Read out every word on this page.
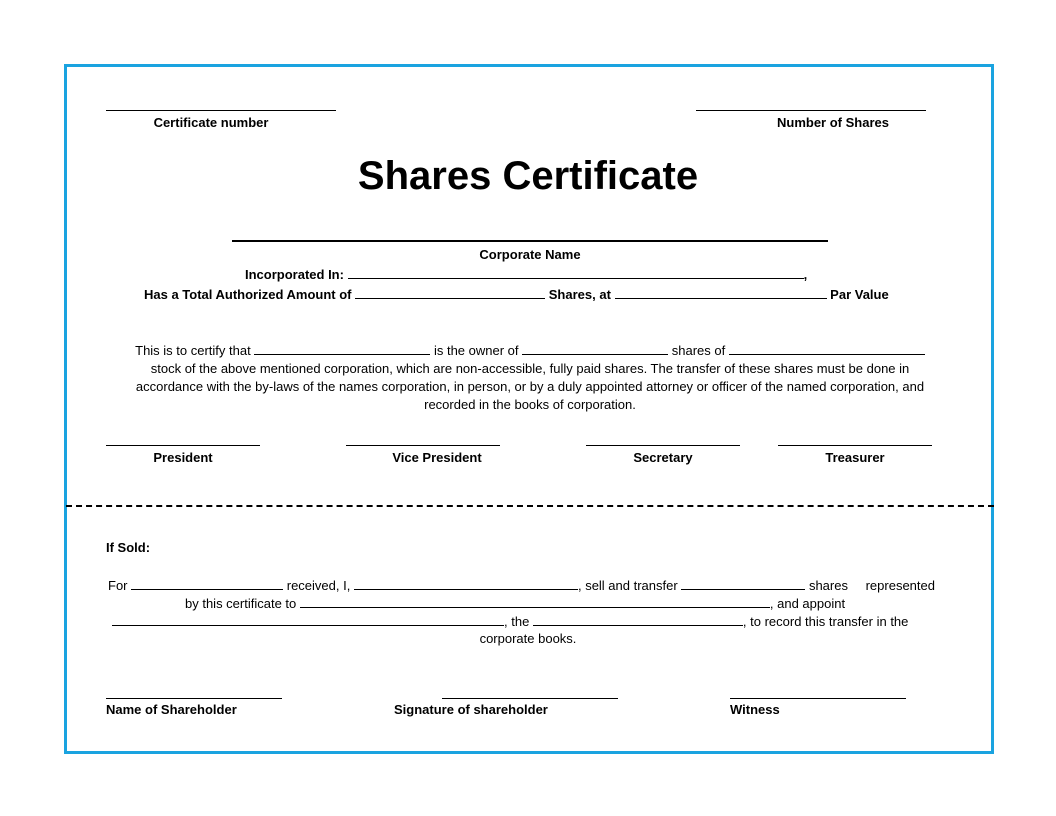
Certificate number	Number of Shares
Shares Certificate
Corporate Name
Incorporated In:	,
Has a Total Authorized Amount of	Shares, at	Par Value
This is to certify that	is the owner of	shares of
stock of the above mentioned corporation, which are non-accessible, fully paid shares. The transfer of these shares must be done in
accordance with the by-laws of the names corporation, in person, or by a duly appointed attorney or officer of the named corporation, and
recorded in the books of corporation.
President	Vice President	Secretary	Treasurer
If Sold:
For	received, I,	, sell and transfer	shares represented
by this certificate to	, and appoint
, the	, to record this transfer in the
corporate books.
Name of Shareholder	Signature of shareholder	Witness
